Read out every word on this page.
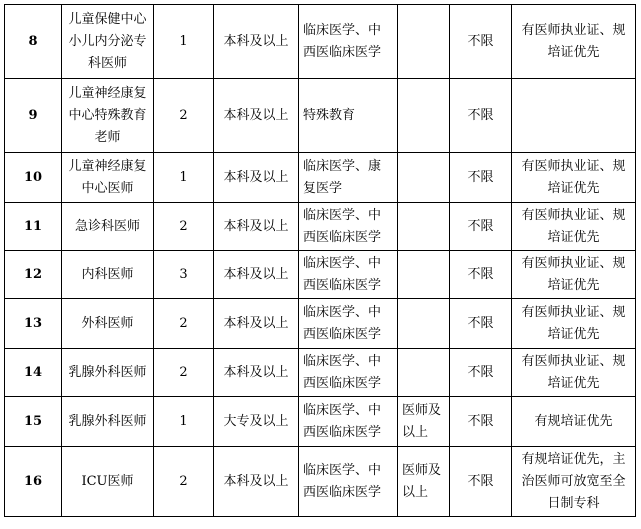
8	儿童保健中心小儿内分泌专科医师	1	本科及以上	临床医学、中西医临床医学		不限	有医师执业证、规培证优先
9	儿童神经康复中心特殊教育老师	2	本科及以上	特殊教育		不限	
10	儿童神经康复中心医师	1	本科及以上	临床医学、康复医学		不限	有医师执业证、规培证优先
11	急诊科医师	2	本科及以上	临床医学、中西医临床医学		不限	有医师执业证、规培证优先
12	内科医师	3	本科及以上	临床医学、中西医临床医学		不限	有医师执业证、规培证优先
13	外科医师	2	本科及以上	临床医学、中西医临床医学		不限	有医师执业证、规培证优先
14	乳腺外科医师	2	本科及以上	临床医学、中西医临床医学		不限	有医师执业证、规培证优先
15	乳腺外科医师	1	大专及以上	临床医学、中西医临床医学	医师及以上	不限	有规培证优先
16	ICU医师	2	本科及以上	临床医学、中西医临床医学	医师及以上	不限	有规培证优先，主治医师可放宽至全日制专科
